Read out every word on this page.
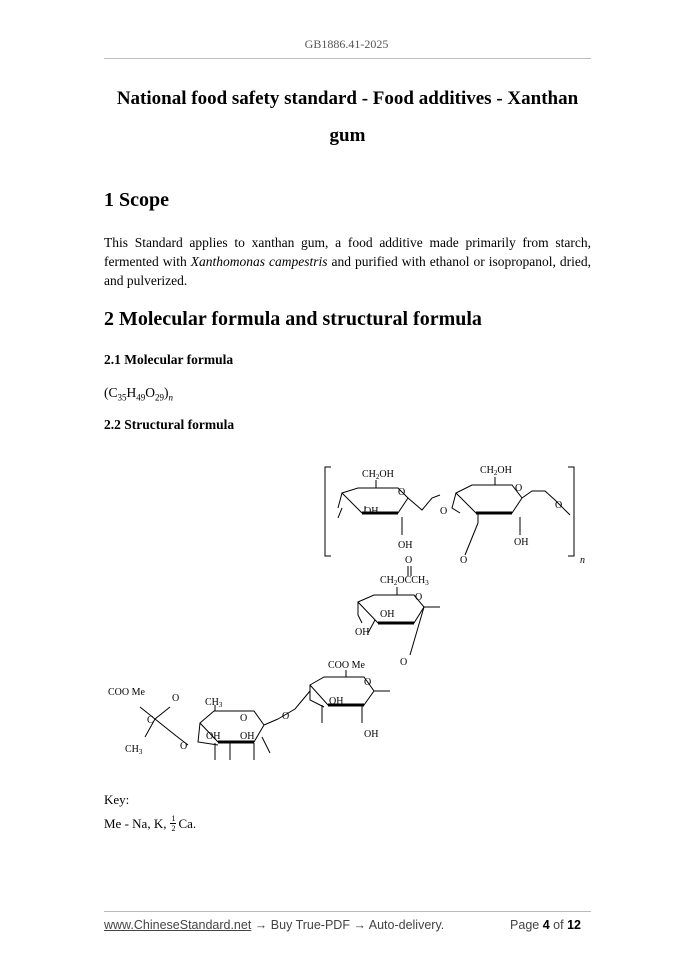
GB1886.41-2025
National food safety standard - Food additives - Xanthan
gum
1 Scope
This Standard applies to xanthan gum, a food additive made primarily from starch, fermented with Xanthomonas campestris and purified with ethanol or isopropanol, dried, and pulverized.
2 Molecular formula and structural formula
2.1 Molecular formula
$(C_{35}H_{49}O_{29})_n$
2.2 Structural formula
$CH_2OH$
O
OH
OH
O
$CH_2OH$
O
OH
O
n
O
O
$CH_2OCCH_3$
O
OH
OH
O
COO Me
O
OH
OH
O
COO Me
O	$CH_3$
C	O
OH OH
$CH_3$	O
Key:
Me - Na, K, $\frac{1}{2} Ca$.
www.ChineseStandard.net → Buy True-PDF → Auto-delivery.	Page 4 of 12
